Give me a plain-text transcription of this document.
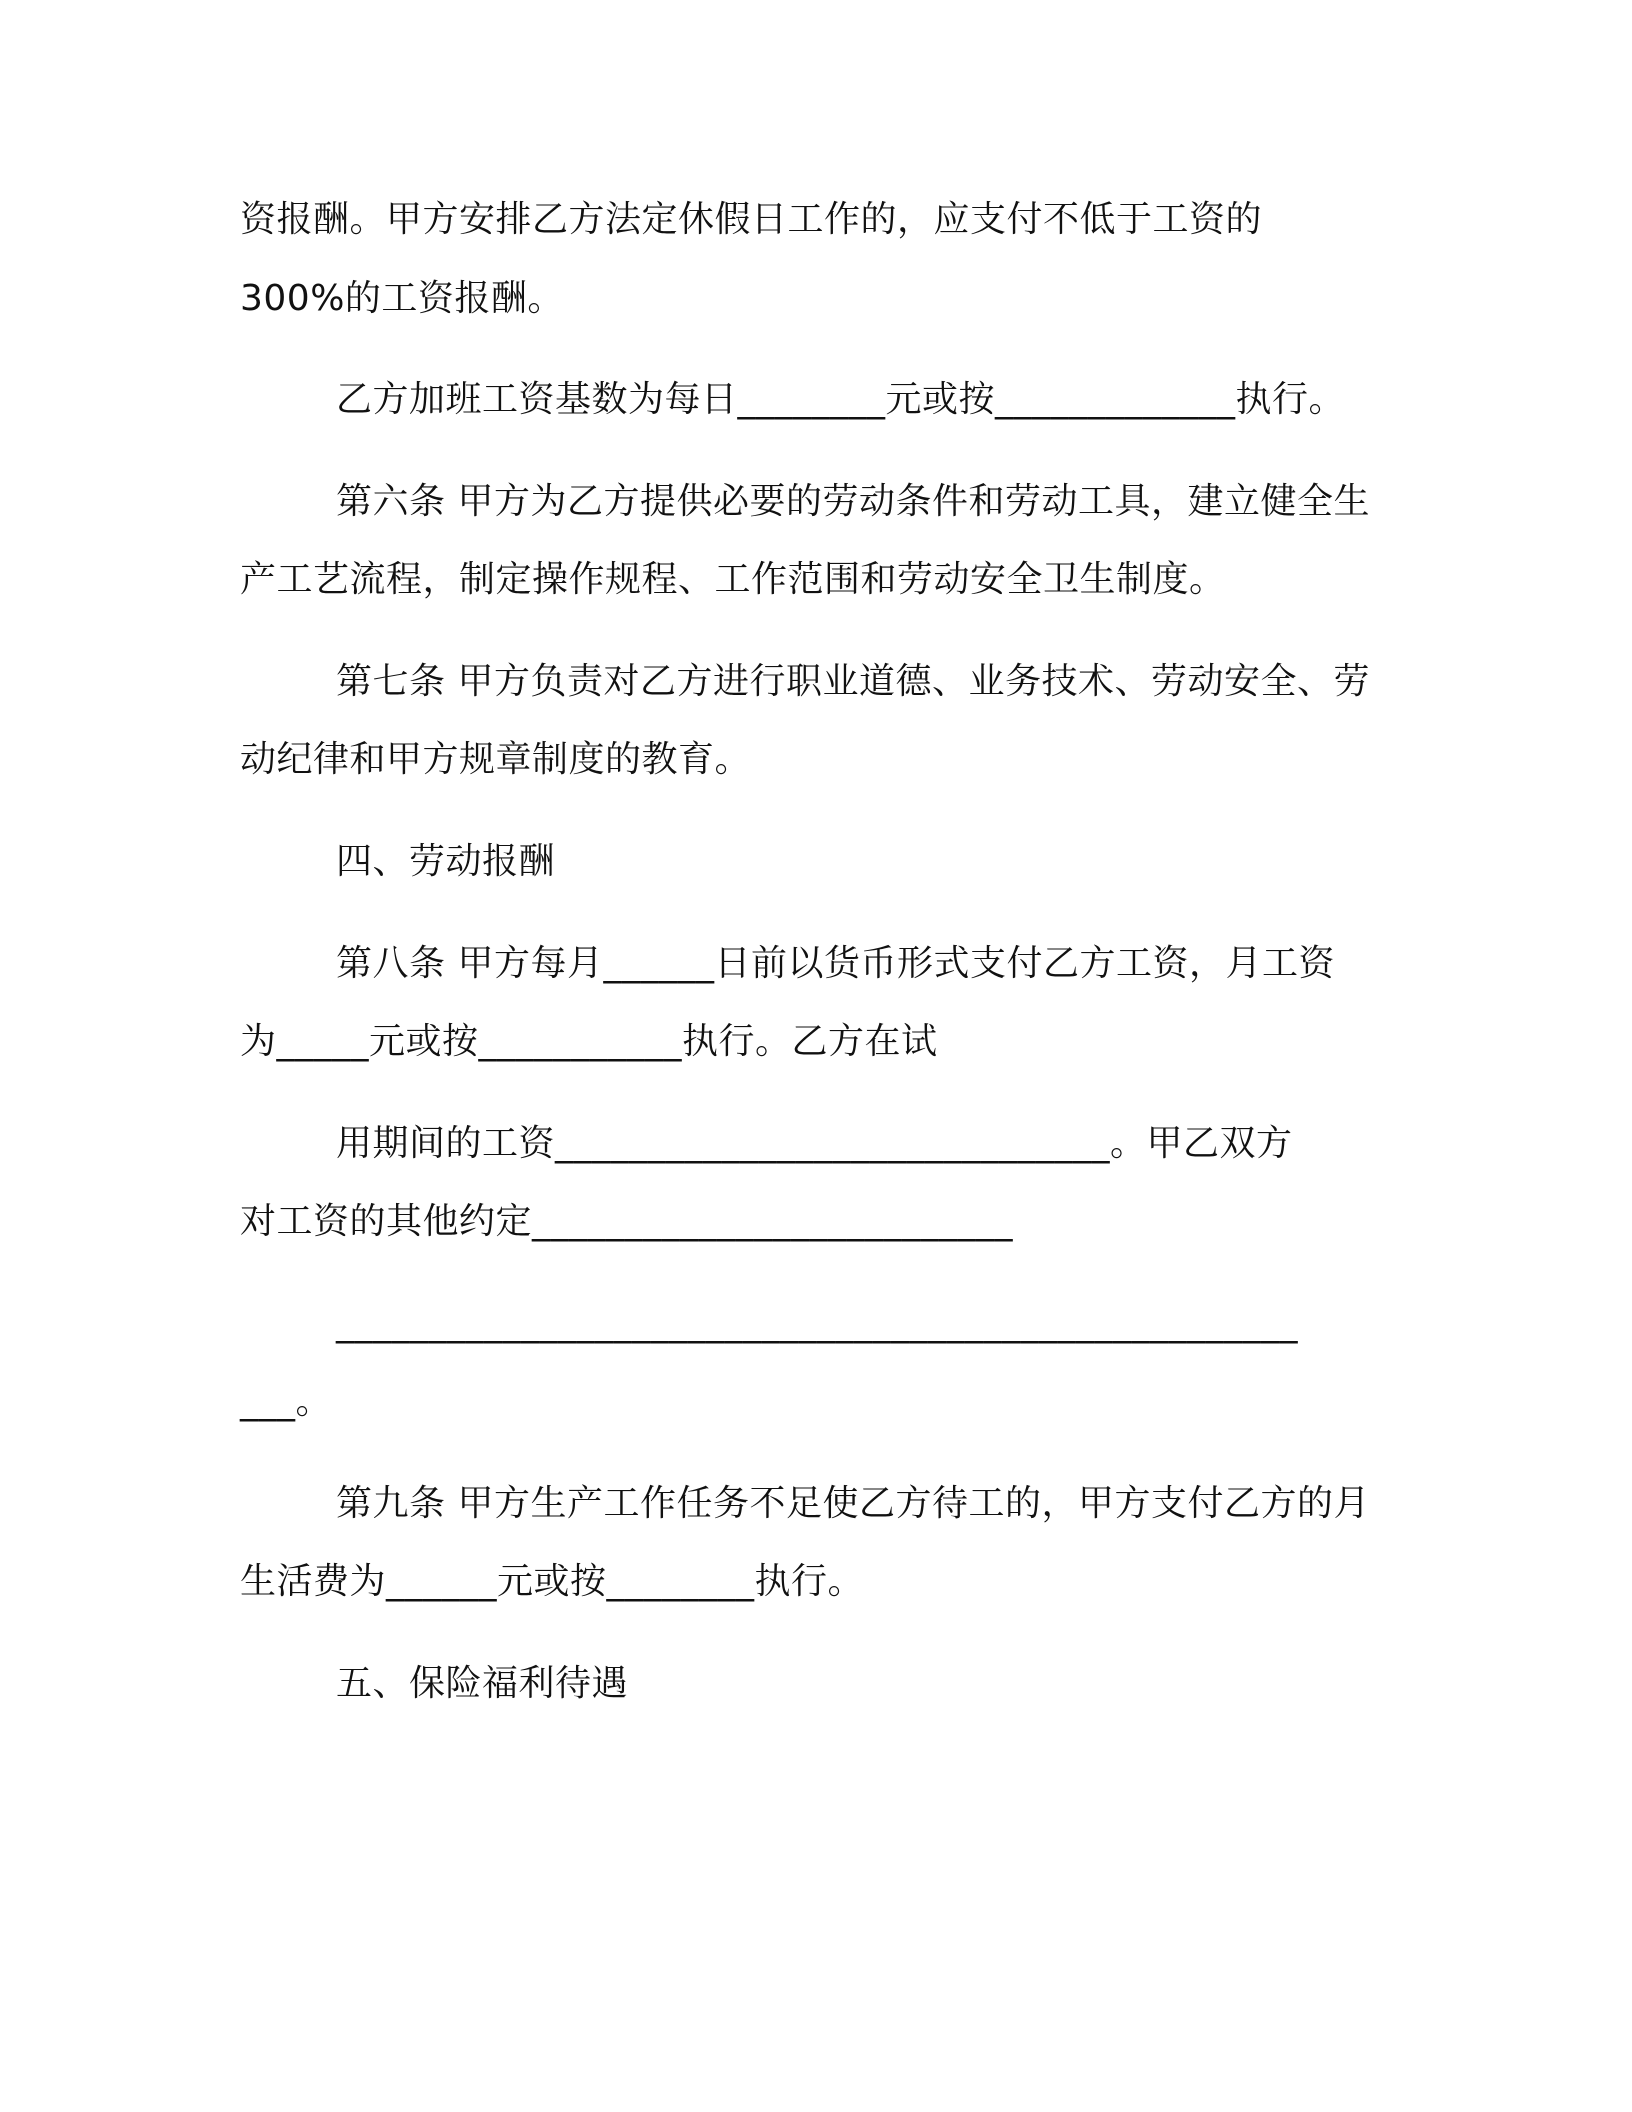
资报酬。甲方安排乙方法定休假日工作的，应支付不低于工资的
300%的工资报酬。
乙方加班工资基数为每日________元或按_____________执行。
第六条 甲方为乙方提供必要的劳动条件和劳动工具，建立健全生
产工艺流程，制定操作规程、工作范围和劳动安全卫生制度。
第七条 甲方负责对乙方进行职业道德、业务技术、劳动安全、劳
动纪律和甲方规章制度的教育。
四、劳动报酬
第八条 甲方每月______日前以货币形式支付乙方工资，月工资
为_____元或按___________执行。乙方在试
用期间的工资______________________________。甲乙双方
对工资的其他约定__________________________
____________________________________________________
___。
第九条 甲方生产工作任务不足使乙方待工的，甲方支付乙方的月
生活费为______元或按________执行。
五、保险福利待遇
